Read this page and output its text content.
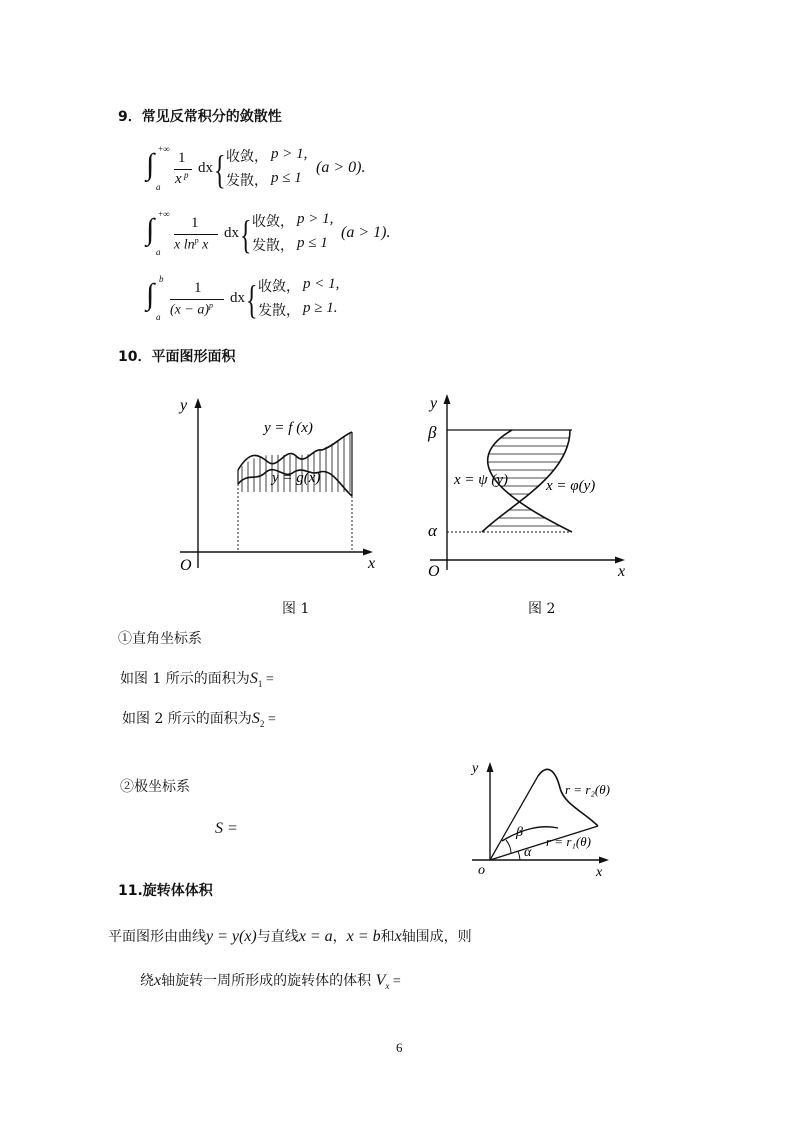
9．常见反常积分的敛散性
∫ +∞
a
1
x p dx { 收敛， p > 1,
发散， p ≤ 1
(a > 0).
∫ +∞
a
1
x $\ln^p x$
dx { 收敛， p > 1,
发散， p ≤ 1
(a > 1).
∫ b
a
1
$(x - a)^p$ dx { 收敛， p < 1,
发散， p ≥ 1.
10．平面图形面积
y
x
O
y = f (x)
y = g(x)
图 1
y
x
O
β
α
x = ψ (y)	x = φ(y)
图 2
①直角坐标系
如图 1 所示的面积为$S_1$ =
如图 2 所示的面积为$S_2$ =
②极坐标系
S =
y
x
o
β
α
r = r₂(θ)
r = r₁(θ)
11.旋转体体积
平面图形由曲线y = y(x)与直线x = a，x = b和x轴围成，则
绕x轴旋转一周所形成的旋转体的体积 $V_x$ =
6
